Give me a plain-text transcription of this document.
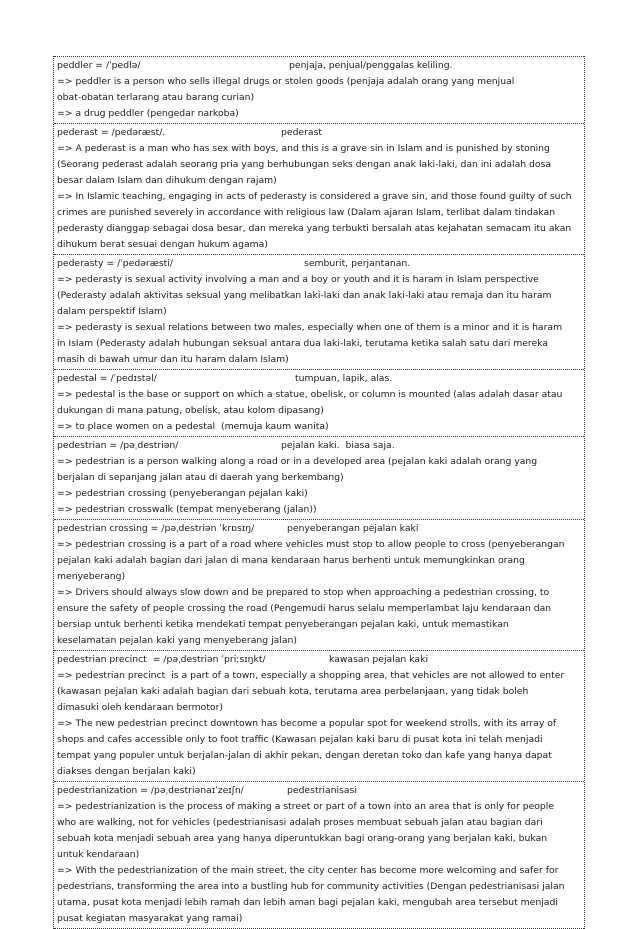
peddler = /ˈpedlə/	penjaja, penjual/penggalas keliling.
=> peddler is a person who sells illegal drugs or stolen goods (penjaja adalah orang yang menjual
obat-obatan terlarang atau barang curian)
=> a drug peddler (pengedar narkoba)
pederast = /pedəræst/.	pederast
=> A pederast is a man who has sex with boys, and this is a grave sin in Islam and is punished by stoning
(Seorang pederast adalah seorang pria yang berhubungan seks dengan anak laki-laki, dan ini adalah dosa
besar dalam Islam dan dihukum dengan rajam)
=> In Islamic teaching, engaging in acts of pederasty is considered a grave sin, and those found guilty of such
crimes are punished severely in accordance with religious law (Dalam ajaran Islam, terlibat dalam tindakan
pederasty dianggap sebagai dosa besar, dan mereka yang terbukti bersalah atas kejahatan semacam itu akan
dihukum berat sesuai dengan hukum agama)
pederasty = /ˈpedəræsti/	semburit, perjantanan.
=> pederasty is sexual activity involving a man and a boy or youth and it is haram in Islam perspective
(Pederasty adalah aktivitas seksual yang melibatkan laki-laki dan anak laki-laki atau remaja dan itu haram
dalam perspektif Islam)
=> pederasty is sexual relations between two males, especially when one of them is a minor and it is haram
in Islam (Pederasty adalah hubungan seksual antara dua laki-laki, terutama ketika salah satu dari mereka
masih di bawah umur dan itu haram dalam Islam)
pedestal = /ˈpedɪstəl/	tumpuan, lapik, alas.
=> pedestal is the base or support on which a statue, obelisk, or column is mounted (alas adalah dasar atau
dukungan di mana patung, obelisk, atau kolom dipasang)
=> to place women on a pedestal  (memuja kaum wanita)
pedestrian = /pəˌdestriən/	pejalan kaki.  biasa saja.
=> pedestrian is a person walking along a road or in a developed area (pejalan kaki adalah orang yang
berjalan di sepanjang jalan atau di daerah yang berkembang)
=> pedestrian crossing (penyeberangan pejalan kaki)
=> pedestrian crosswalk (tempat menyeberang (jalan))
pedestrian crossing = /pəˌdestriən ˈkrɒsɪŋ/	penyeberangan pejalan kaki
=> pedestrian crossing is a part of a road where vehicles must stop to allow people to cross (penyeberangan
pejalan kaki adalah bagian dari jalan di mana kendaraan harus berhenti untuk memungkinkan orang
menyeberang)
=> Drivers should always slow down and be prepared to stop when approaching a pedestrian crossing, to
ensure the safety of people crossing the road (Pengemudi harus selalu memperlambat laju kendaraan dan
bersiap untuk berhenti ketika mendekati tempat penyeberangan pejalan kaki, untuk memastikan
keselamatan pejalan kaki yang menyeberang jalan)
pedestrian precinct  = /pəˌdestriən ˈpriːsɪŋkt/	kawasan pejalan kaki
=> pedestrian precinct  is a part of a town, especially a shopping area, that vehicles are not allowed to enter
(kawasan pejalan kaki adalah bagian dari sebuah kota, terutama area perbelanjaan, yang tidak boleh
dimasuki oleh kendaraan bermotor)
=> The new pedestrian precinct downtown has become a popular spot for weekend strolls, with its array of
shops and cafes accessible only to foot traffic (Kawasan pejalan kaki baru di pusat kota ini telah menjadi
tempat yang populer untuk berjalan-jalan di akhir pekan, dengan deretan toko dan kafe yang hanya dapat
diakses dengan berjalan kaki)
pedestrianization = /pəˌdestriənaɪˈzeɪʃn/	pedestrianisasi
=> pedestrianization is the process of making a street or part of a town into an area that is only for people
who are walking, not for vehicles (pedestrianisasi adalah proses membuat sebuah jalan atau bagian dari
sebuah kota menjadi sebuah area yang hanya diperuntukkan bagi orang-orang yang berjalan kaki, bukan
untuk kendaraan)
=> With the pedestrianization of the main street, the city center has become more welcoming and safer for
pedestrians, transforming the area into a bustling hub for community activities (Dengan pedestrianisasi jalan
utama, pusat kota menjadi lebih ramah dan lebih aman bagi pejalan kaki, mengubah area tersebut menjadi
pusat kegiatan masyarakat yang ramai)
